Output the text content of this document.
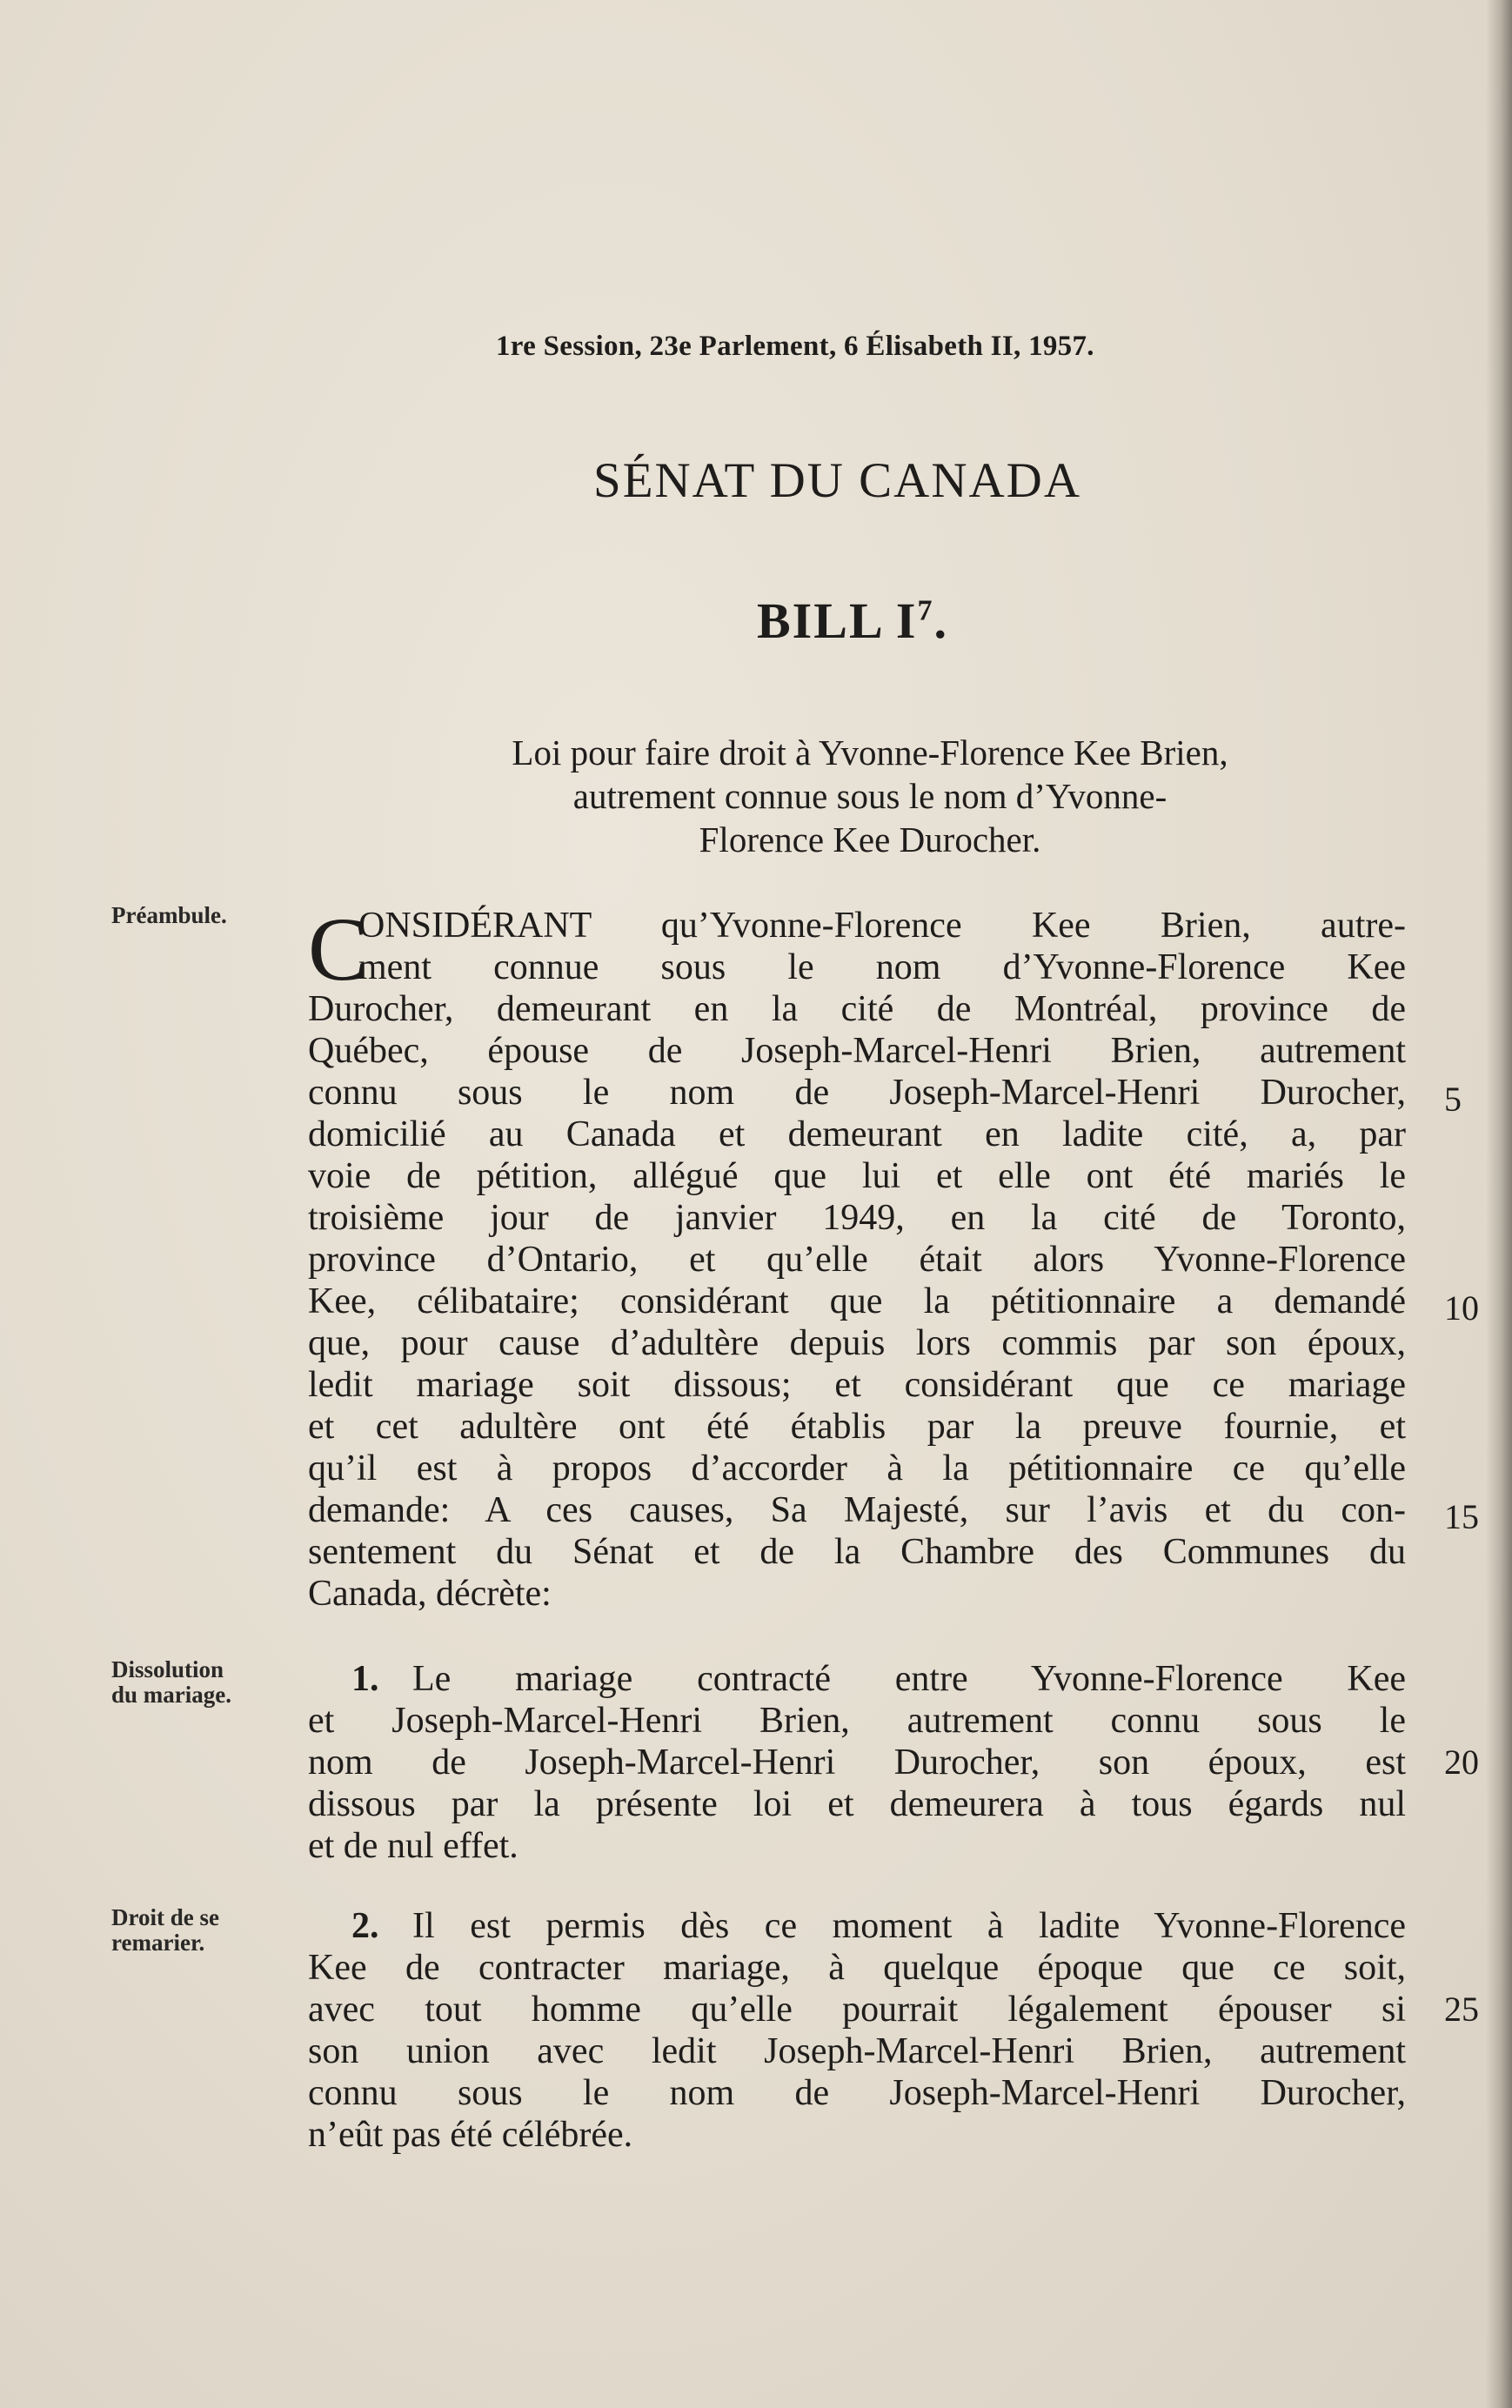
1re Session, 23e Parlement, 6 Élisabeth II, 1957.
SÉNAT DU CANADA
BILL $I^7$.
Loi pour faire droit à Yvonne-Florence Kee Brien,
autrement connue sous le nom d’Yvonne-
Florence Kee Durocher.
Préambule.
Dissolution
du mariage.
Droit de se
remarier.
C
ONSIDÉRANT qu’Yvonne-Florence Kee Brien, autre-
ment connue sous le nom d’Yvonne-Florence Kee
Durocher, demeurant en la cité de Montréal, province de
Québec, épouse de Joseph-Marcel-Henri Brien, autrement
connu sous le nom de Joseph-Marcel-Henri Durocher,
domicilié au Canada et demeurant en ladite cité, a, par
voie de pétition, allégué que lui et elle ont été mariés le
troisième jour de janvier 1949, en la cité de Toronto,
province d’Ontario, et qu’elle était alors Yvonne-Florence
Kee, célibataire; considérant que la pétitionnaire a demandé
que, pour cause d’adultère depuis lors commis par son époux,
ledit mariage soit dissous; et considérant que ce mariage
et cet adultère ont été établis par la preuve fournie, et
qu’il est à propos d’accorder à la pétitionnaire ce qu’elle
demande: A ces causes, Sa Majesté, sur l’avis et du con-
sentement du Sénat et de la Chambre des Communes du
Canada, décrète:
1. Le mariage contracté entre Yvonne-Florence Kee
et Joseph-Marcel-Henri Brien, autrement connu sous le
nom de Joseph-Marcel-Henri Durocher, son époux, est
dissous par la présente loi et demeurera à tous égards nul
et de nul effet.
2. Il est permis dès ce moment à ladite Yvonne-Florence
Kee de contracter mariage, à quelque époque que ce soit,
avec tout homme qu’elle pourrait légalement épouser si
son union avec ledit Joseph-Marcel-Henri Brien, autrement
connu sous le nom de Joseph-Marcel-Henri Durocher,
n’eût pas été célébrée.
5
10
15
20
25
